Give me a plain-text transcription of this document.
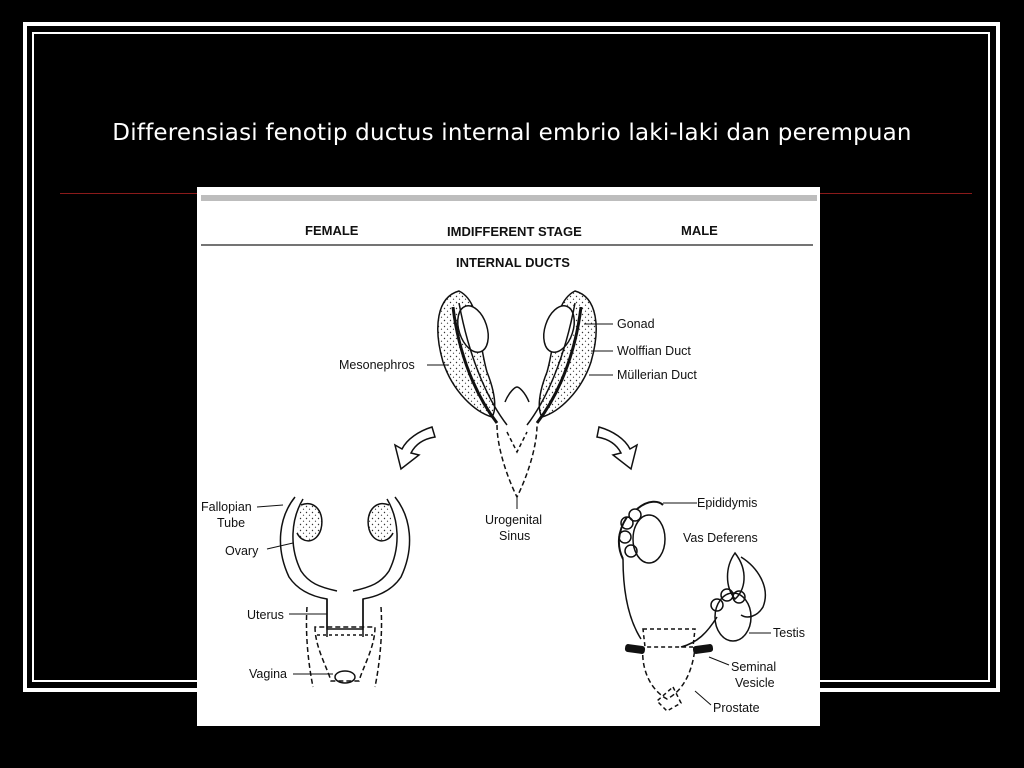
Differensiasi fenotip ductus internal embrio laki-laki dan perempuan
FEMALE	IMDIFFERENT STAGE	MALE
INTERNAL DUCTS
Gonad
Wolffian Duct
Müllerian Duct
Mesonephros
Urogenital
Sinus
Fallopian
Tube
Ovary
Uterus
Vagina
Epididymis
Vas Deferens
Testis
Seminal
Vesicle
Prostate
